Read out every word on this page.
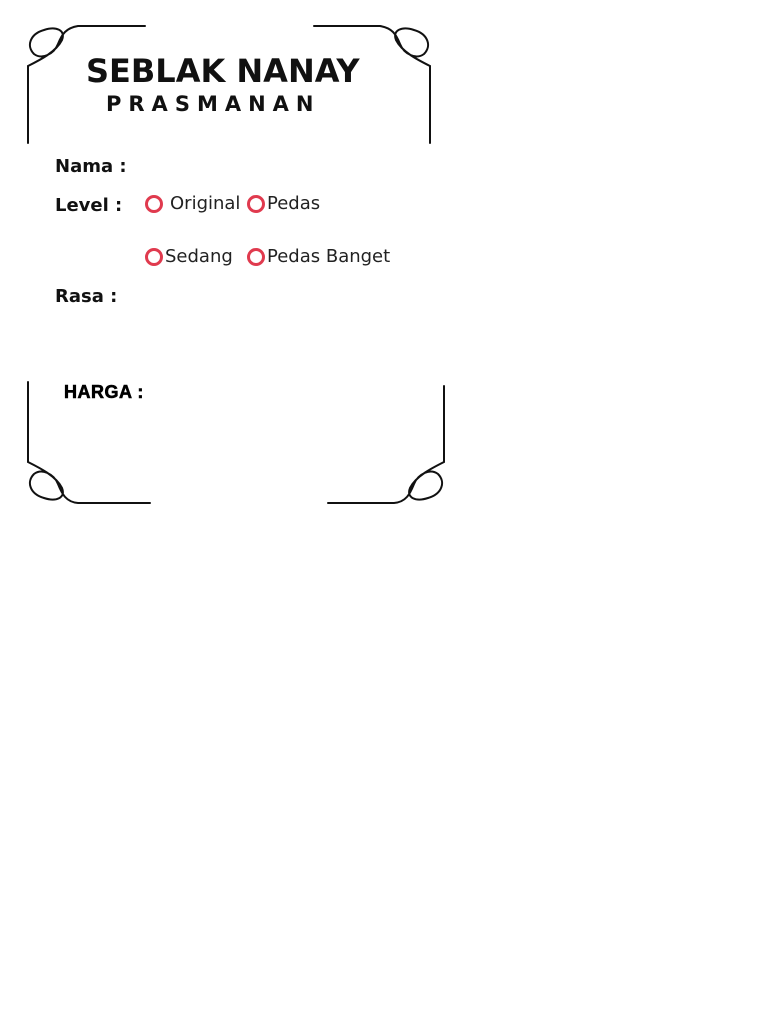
SEBLAK NANAY
PRASMANAN
Nama :
Level :	Original Pedas
Sedang Pedas Banget
Rasa :
HARGA :
